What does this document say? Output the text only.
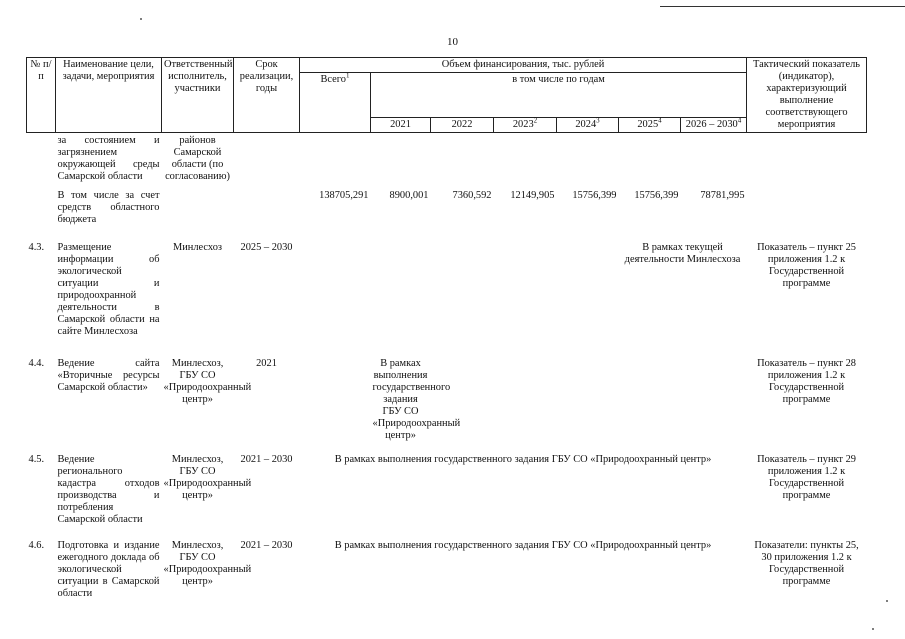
10
№ п/п	Наименование цели, задачи, мероприятия	Ответственный исполнитель, участники	Срок реализации, годы	Объем финансирования, тыс. рублей							Тактический показатель (индикатор), характеризующий выполнение соответствующего мероприятия
				Всего$^1$	в том числе по годам						
					2021	2022	2023$^2$	2024$^3$	2025$^4$	2026 – 2030$^4$
	за состоянием и загрязнением окружающей среды Самарской области	районов Самарской области (по согласованию)									
	В том числе за счет средств областного бюджета			138705,291	8900,001	7360,592	12149,905	15756,399	15756,399	78781,995	
4.3.	Размещение информации об экологической ситуации и природоохранной деятельности в Самарской области на сайте Минлесхоза	Минлесхоз	2025 – 2030						В рамках текущей деятельности Минлесхоза		Показатель – пункт 25 приложения 1.2 к Государственной программе
4.4.	Ведение сайта «Вторичные ресурсы Самарской области»	Минлесхоз, ГБУ СО «Природоохранный центр»	2021		В рамках выполнения государственного задания ГБУ СО «Природоохранный центр»						Показатель – пункт 28 приложения 1.2 к Государственной программе
4.5.	Ведение регионального кадастра отходов производства и потребления Самарской области	Минлесхоз, ГБУ СО «Природоохранный центр»	2021 – 2030	В рамках выполнения государственного задания ГБУ СО «Природоохранный центр»							Показатель – пункт 29 приложения 1.2 к Государственной программе
4.6.	Подготовка и издание ежегодного доклада об экологической ситуации в Самарской области	Минлесхоз, ГБУ СО «Природоохранный центр»	2021 – 2030	В рамках выполнения государственного задания ГБУ СО «Природоохранный центр»							Показатели: пункты 25, 30 приложения 1.2 к Государственной программе
